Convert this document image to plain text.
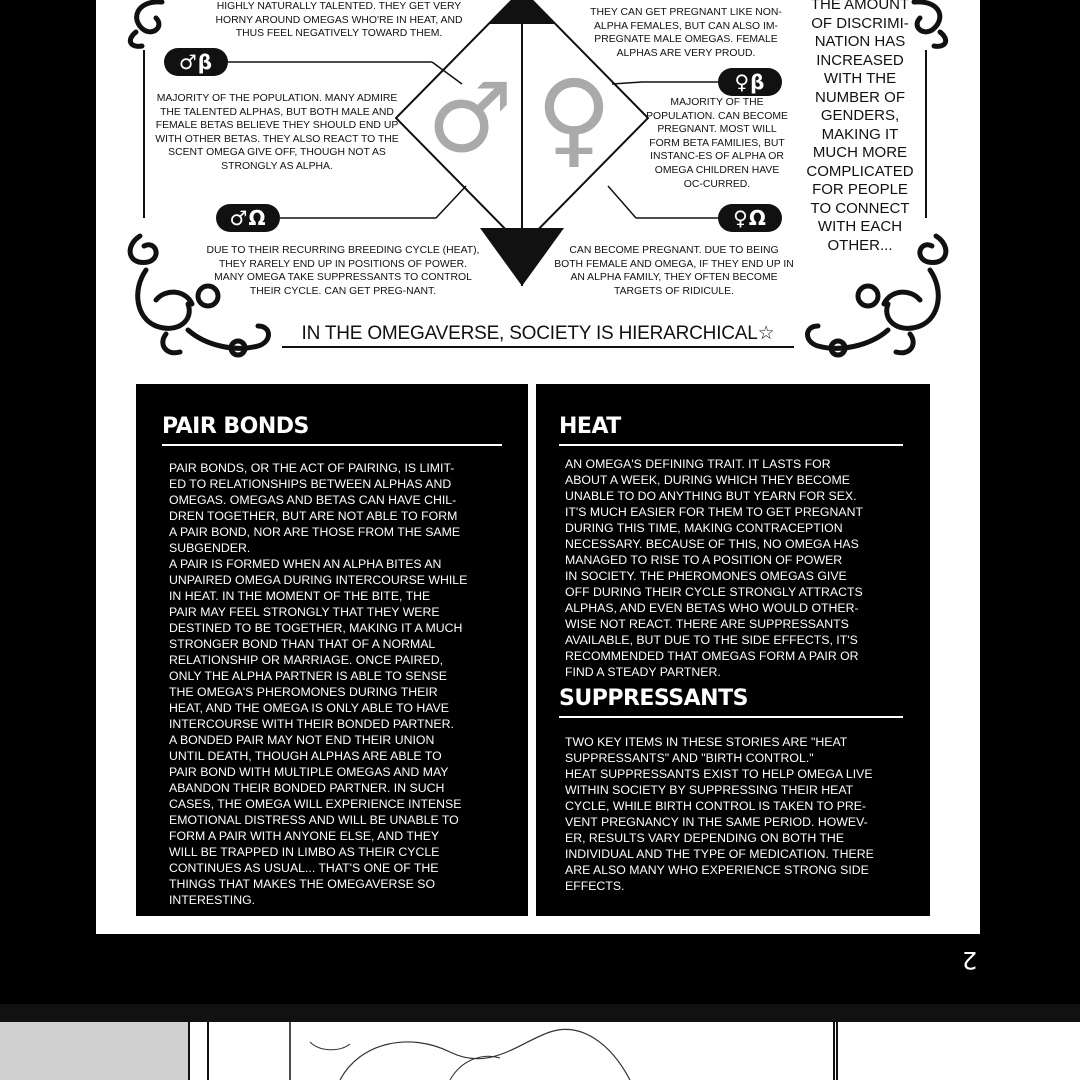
HIGHLY NATURALLY TALENTED. THEY GET VERY HORNY AROUND OMEGAS WHO'RE IN HEAT, AND THUS FEEL NEGATIVELY TOWARD THEM.
THEY CAN GET PREGNANT LIKE NON-ALPHA FEMALES, BUT CAN ALSO IM-PREGNATE MALE OMEGAS. FEMALE ALPHAS ARE VERY PROUD.
♂β
MAJORITY OF THE POPULATION. MANY ADMIRE THE TALENTED ALPHAS, BUT BOTH MALE AND FEMALE BETAS BELIEVE THEY SHOULD END UP WITH OTHER BETAS. THEY ALSO REACT TO THE SCENT OMEGA GIVE OFF, THOUGH NOT AS STRONGLY AS ALPHA.
♀β
MAJORITY OF THE POPULATION. CAN BECOME PREGNANT. MOST WILL FORM BETA FAMILIES, BUT INSTANC-ES OF ALPHA OR OMEGA CHILDREN HAVE OC-CURRED.
♂Ω
DUE TO THEIR RECURRING BREEDING CYCLE (HEAT), THEY RARELY END UP IN POSITIONS OF POWER. MANY OMEGA TAKE SUPPRESSANTS TO CONTROL THEIR CYCLE. CAN GET PREG-NANT.
♀Ω
CAN BECOME PREGNANT. DUE TO BEING BOTH FEMALE AND OMEGA, IF THEY END UP IN AN ALPHA FAMILY, THEY OFTEN BECOME TARGETS OF RIDICULE.
♂ ♀
THE AMOUNT OF DISCRIMI-NATION HAS INCREASED WITH THE NUMBER OF GENDERS, MAKING IT MUCH MORE COMPLICATED FOR PEOPLE TO CONNECT WITH EACH OTHER...
IN THE OMEGAVERSE, SOCIETY IS HIERARCHICAL☆
PAIR BONDS

PAIR BONDS, OR THE ACT OF PAIRING, IS LIMIT-
ED TO RELATIONSHIPS BETWEEN ALPHAS AND
OMEGAS. OMEGAS AND BETAS CAN HAVE CHIL-
DREN TOGETHER, BUT ARE NOT ABLE TO FORM
A PAIR BOND, NOR ARE THOSE FROM THE SAME
SUBGENDER.
A PAIR IS FORMED WHEN AN ALPHA BITES AN
UNPAIRED OMEGA DURING INTERCOURSE WHILE
IN HEAT. IN THE MOMENT OF THE BITE, THE
PAIR MAY FEEL STRONGLY THAT THEY WERE
DESTINED TO BE TOGETHER, MAKING IT A MUCH
STRONGER BOND THAN THAT OF A NORMAL
RELATIONSHIP OR MARRIAGE. ONCE PAIRED,
ONLY THE ALPHA PARTNER IS ABLE TO SENSE
THE OMEGA'S PHEROMONES DURING THEIR
HEAT, AND THE OMEGA IS ONLY ABLE TO HAVE
INTERCOURSE WITH THEIR BONDED PARTNER.
A BONDED PAIR MAY NOT END THEIR UNION
UNTIL DEATH, THOUGH ALPHAS ARE ABLE TO
PAIR BOND WITH MULTIPLE OMEGAS AND MAY
ABANDON THEIR BONDED PARTNER. IN SUCH
CASES, THE OMEGA WILL EXPERIENCE INTENSE
EMOTIONAL DISTRESS AND WILL BE UNABLE TO
FORM A PAIR WITH ANYONE ELSE, AND THEY
WILL BE TRAPPED IN LIMBO AS THEIR CYCLE
CONTINUES AS USUAL... THAT'S ONE OF THE
THINGS THAT MAKES THE OMEGAVERSE SO
INTERESTING.

HEAT

AN OMEGA'S DEFINING TRAIT. IT LASTS FOR
ABOUT A WEEK, DURING WHICH THEY BECOME
UNABLE TO DO ANYTHING BUT YEARN FOR SEX.
IT'S MUCH EASIER FOR THEM TO GET PREGNANT
DURING THIS TIME, MAKING CONTRACEPTION
NECESSARY. BECAUSE OF THIS, NO OMEGA HAS
MANAGED TO RISE TO A POSITION OF POWER
IN SOCIETY. THE PHEROMONES OMEGAS GIVE
OFF DURING THEIR CYCLE STRONGLY ATTRACTS
ALPHAS, AND EVEN BETAS WHO WOULD OTHER-
WISE NOT REACT. THERE ARE SUPPRESSANTS
AVAILABLE, BUT DUE TO THE SIDE EFFECTS, IT'S
RECOMMENDED THAT OMEGAS FORM A PAIR OR
FIND A STEADY PARTNER.

SUPPRESSANTS

TWO KEY ITEMS IN THESE STORIES ARE "HEAT
SUPPRESSANTS" AND "BIRTH CONTROL."
HEAT SUPPRESSANTS EXIST TO HELP OMEGA LIVE
WITHIN SOCIETY BY SUPPRESSING THEIR HEAT
CYCLE, WHILE BIRTH CONTROL IS TAKEN TO PRE-
VENT PREGNANCY IN THE SAME PERIOD. HOWEV-
ER, RESULTS VARY DEPENDING ON BOTH THE
INDIVIDUAL AND THE TYPE OF MEDICATION. THERE
ARE ALSO MANY WHO EXPERIENCE STRONG SIDE
EFFECTS.

2
